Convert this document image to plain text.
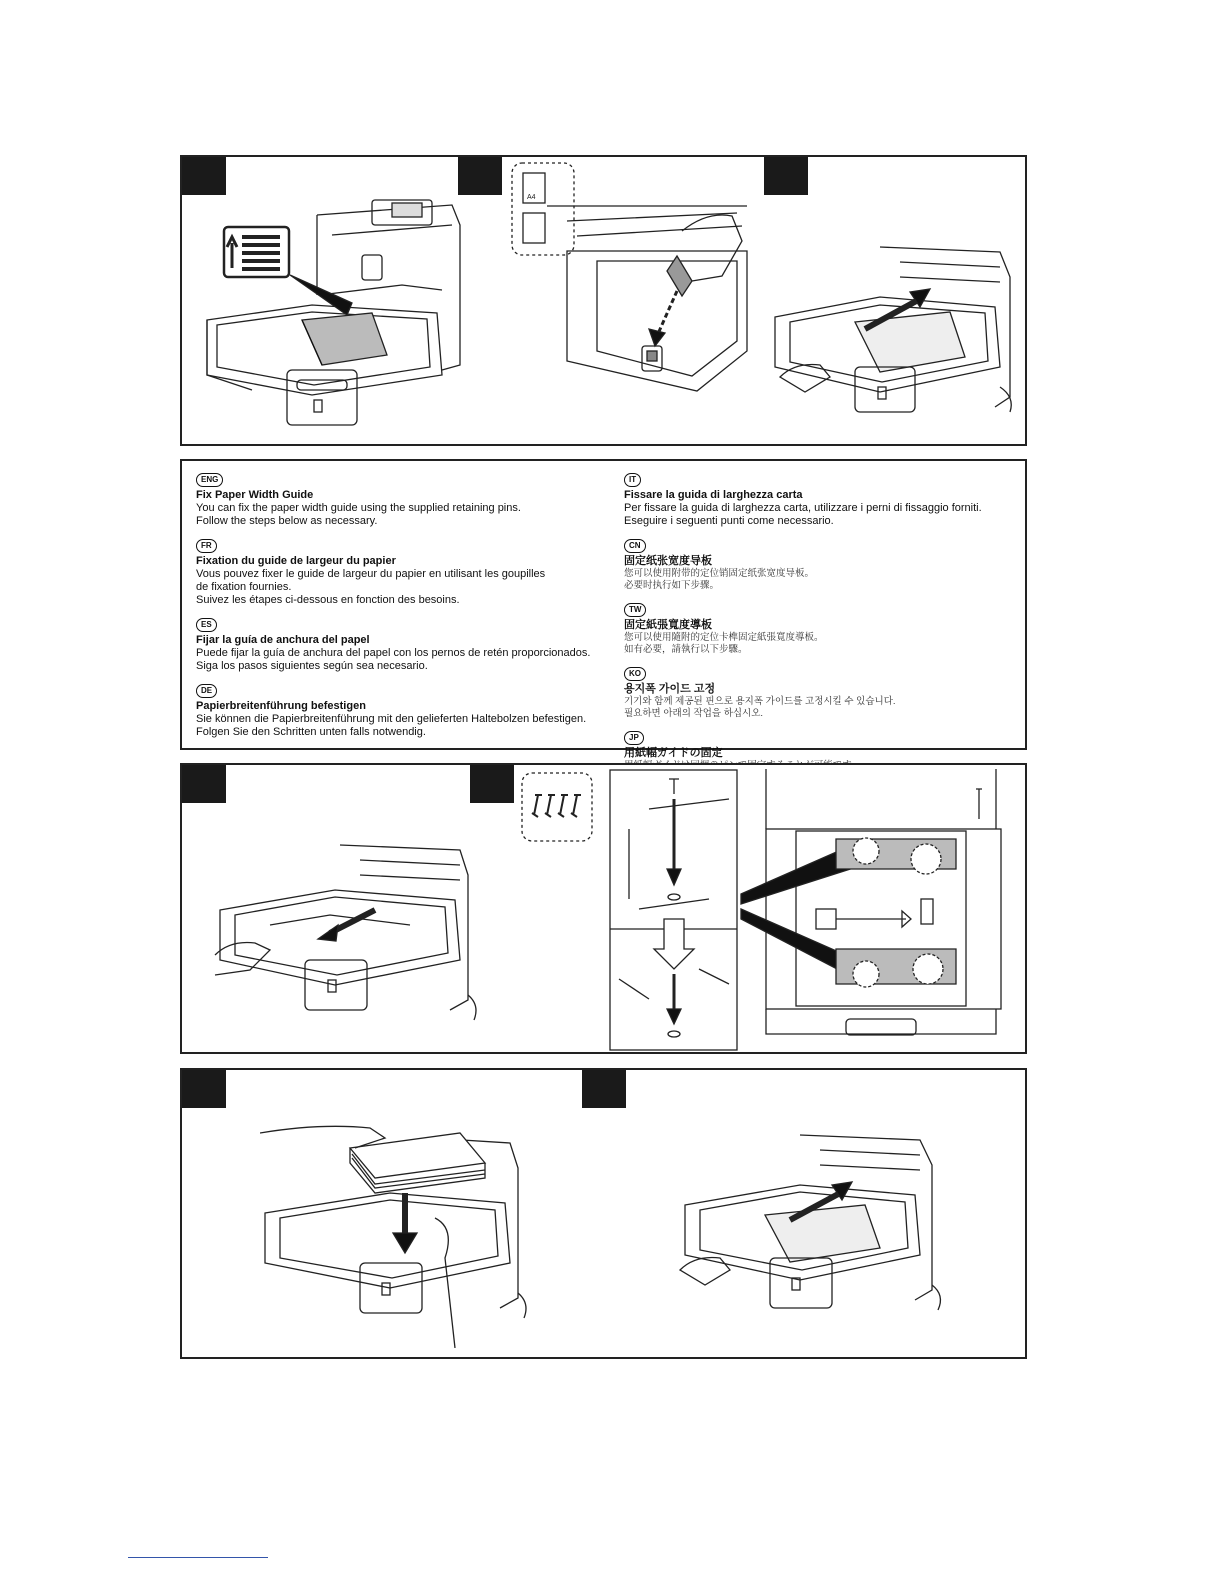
A4
ENG
Fix Paper Width Guide
You can fix the paper width guide using the supplied retaining pins.
Follow the steps below as necessary.
FR
Fixation du guide de largeur du papier
Vous pouvez fixer le guide de largeur du papier en utilisant les goupilles
de fixation fournies.
Suivez les étapes ci-dessous en fonction des besoins.
ES
Fijar la guía de anchura del papel
Puede fijar la guía de anchura del papel con los pernos de retén proporcionados.
Siga los pasos siguientes según sea necesario.
DE
Papierbreitenführung befestigen
Sie können die Papierbreitenführung mit den gelieferten Haltebolzen befestigen.
Folgen Sie den Schritten unten falls notwendig.
IT
Fissare la guida di larghezza carta
Per fissare la guida di larghezza carta, utilizzare i perni di fissaggio forniti.
Eseguire i seguenti punti come necessario.
CN
固定纸张宽度导板
您可以使用附带的定位销固定纸张宽度导板。
必要时执行如下步骤。
TW
固定紙張寬度導板
您可以使用隨附的定位卡榫固定紙張寬度導板。
如有必要，請執行以下步驟。
KO
용지폭 가이드 고정
기기와 함께 제공된 핀으로 용지폭 가이드를 고정시킬 수 있습니다.
필요하면 아래의 작업을 하십시오.
JP
用紙幅ガイドの固定
